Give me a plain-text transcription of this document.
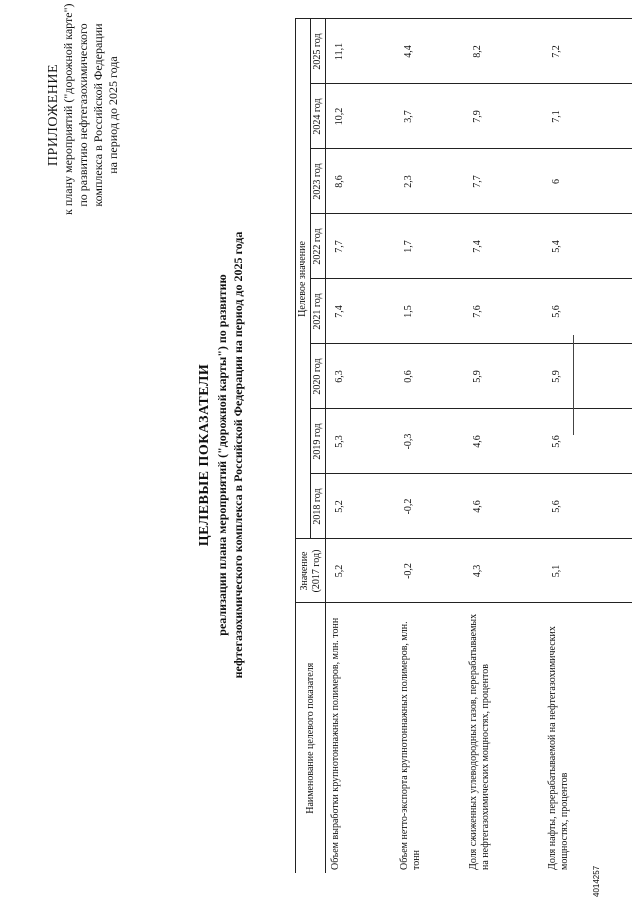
ПРИЛОЖЕНИЕ к плану мероприятий ("дорожной карте") по развитию нефтегазохимического комплекса в Российской Федерации на период до 2025 года
ЦЕЛЕВЫЕ ПОКАЗАТЕЛИ реализации плана мероприятий ("дорожной карты") по развитию нефтегазохимического комплекса в Российской Федерации на период до 2025 года
Наименование целевого показателя	Значение (2017 год)	Целевое значение							
		2018 год	2019 год	2020 год	2021 год	2022 год	2023 год	2024 год	2025 год
Объем выработки крупнотоннажных полимеров, млн. тонн	5,2	5,2	5,3	6,3	7,4	7,7	8,6	10,2	11,1
Объем нетто-экспорта крупнотоннажных полимеров, млн. тонн	-0,2	-0,2	-0,3	0,6	1,5	1,7	2,3	3,7	4,4
Доля сжиженных углеводородных газов, перерабатываемых на нефтегазохимических мощностях, процентов	4,3	4,6	4,6	5,9	7,6	7,4	7,7	7,9	8,2
Доля нафты, перерабатываемой на нефтегазохимических мощностях, процентов	5,1	5,6	5,6	5,9	5,6	5,4	6	7,1	7,2
4014257
